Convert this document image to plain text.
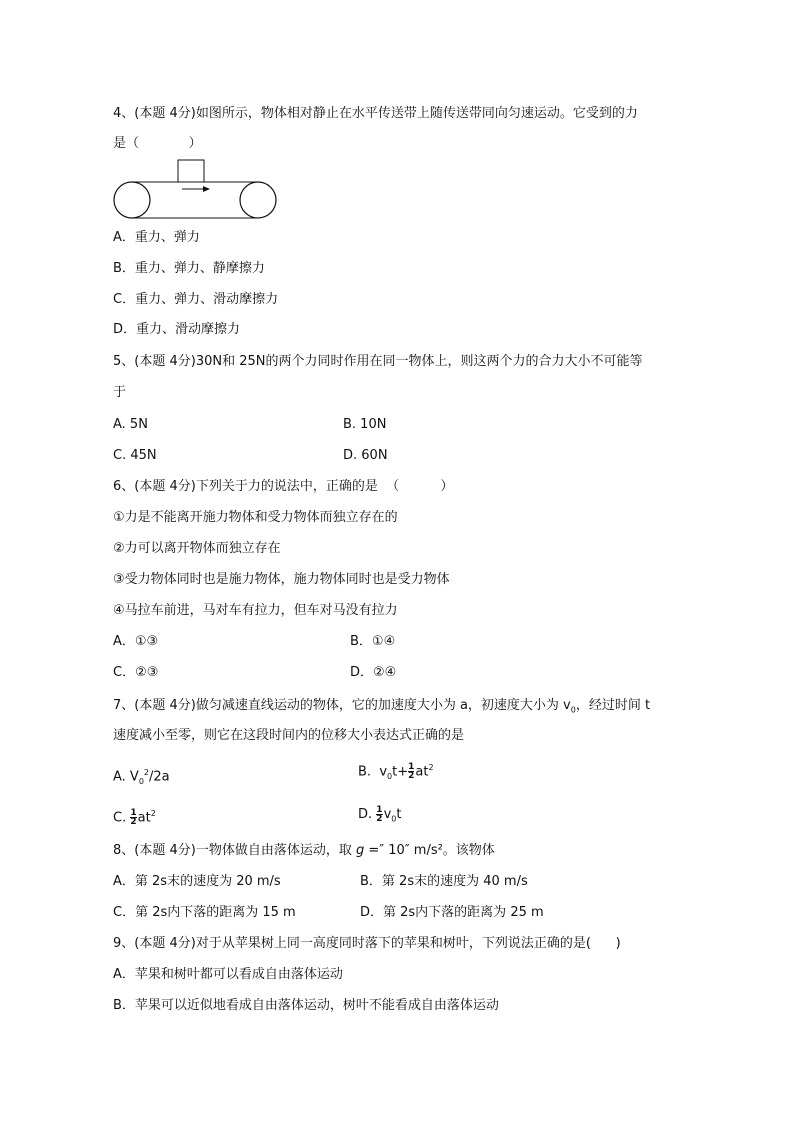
4、(本题 4分)如图所示，物体相对静止在水平传送带上随传送带同向匀速运动。它受到的力
是（            ）
A．重力、弹力
B．重力、弹力、静摩擦力
C．重力、弹力、滑动摩擦力
D．重力、滑动摩擦力
5、(本题 4分)30N和 25N的两个力同时作用在同一物体上，则这两个力的合力大小不可能等
于
A. 5N	B. 10N
C. 45N	D. 60N
6、(本题 4分)下列关于力的说法中，正确的是  （          ）
①力是不能离开施力物体和受力物体而独立存在的
②力可以离开物体而独立存在
③受力物体同时也是施力物体，施力物体同时也是受力物体
④马拉车前进，马对车有拉力，但车对马没有拉力
A．①③	B．①④
C．②③	D．②④
7、(本题 4分)做匀减速直线运动的物体，它的加速度大小为 a，初速度大小为 $v_0$，经过时间 t
速度减小至零，则它在这段时间内的位移大小表达式正确的是
A. $V_0^2/2a$	B.  $v_0t+ \frac{1}{2} at^2$
C. $\frac{1}{2} at^2$	D. $\frac{1}{2} v_0t$
8、(本题 4分)一物体做自由落体运动，取 g =″ 10″ m/s²。该物体
A．第 2s末的速度为 20 m/s	B．第 2s末的速度为 40 m/s
C．第 2s内下落的距离为 15 m	D．第 2s内下落的距离为 25 m
9、(本题 4分)对于从苹果树上同一高度同时落下的苹果和树叶，下列说法正确的是(      )
A．苹果和树叶都可以看成自由落体运动
B．苹果可以近似地看成自由落体运动，树叶不能看成自由落体运动
